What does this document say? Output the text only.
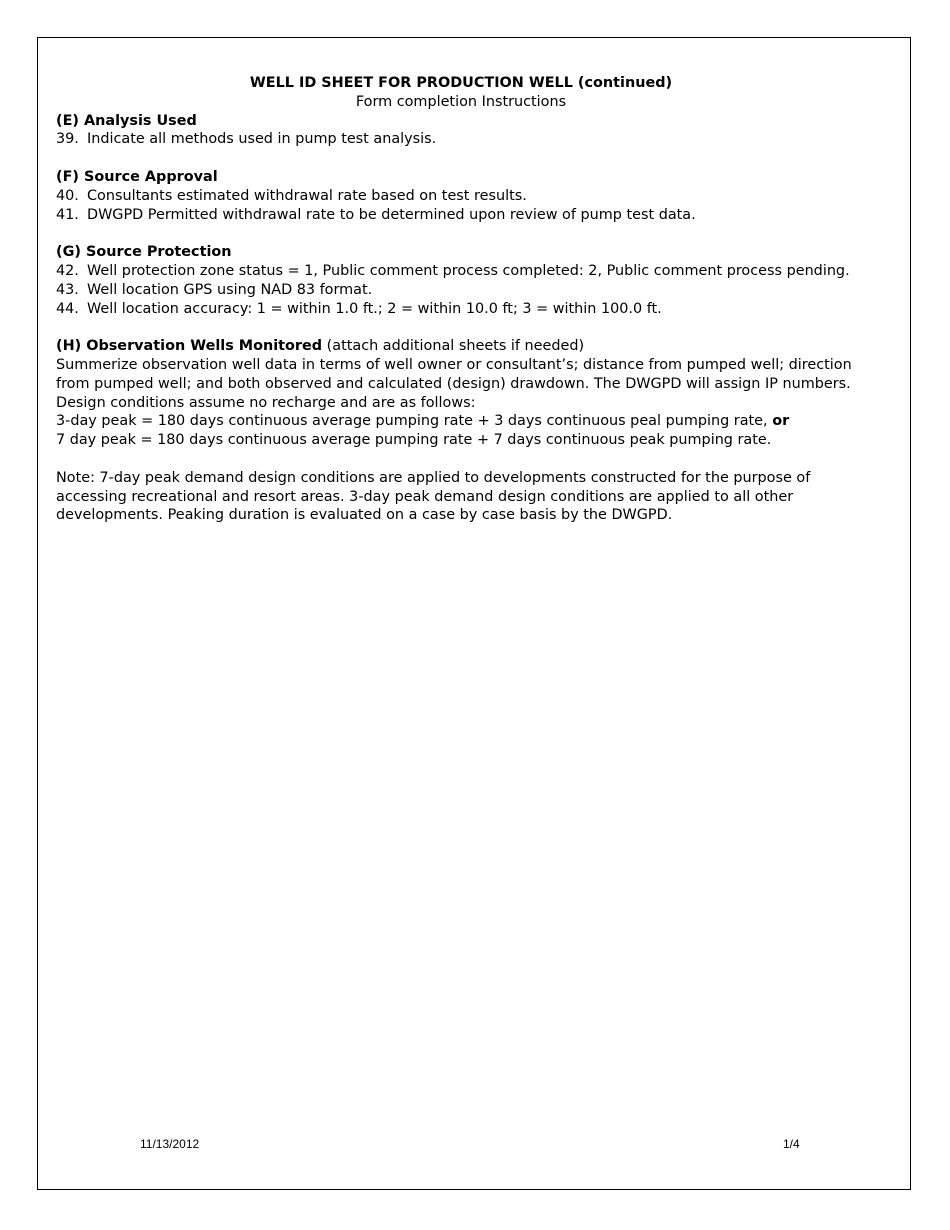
WELL ID SHEET FOR PRODUCTION WELL (continued)
Form completion Instructions
(E) Analysis Used
39. Indicate all methods used in pump test analysis.
(F) Source Approval
40. Consultants estimated withdrawal rate based on test results.
41. DWGPD Permitted withdrawal rate to be determined upon review of pump test data.
(G) Source Protection
42. Well protection zone status = 1, Public comment process completed: 2, Public comment process pending.
43. Well location GPS using NAD 83 format.
44. Well location accuracy: 1 = within 1.0 ft.; 2 = within 10.0 ft; 3 = within 100.0 ft.
(H) Observation Wells Monitored (attach additional sheets if needed)
Summerize observation well data in terms of well owner or consultant’s; distance from pumped well; direction from pumped well; and both observed and calculated (design) drawdown. The DWGPD will assign IP numbers. Design conditions assume no recharge and are as follows:
3-day peak = 180 days continuous average pumping rate + 3 days continuous peal pumping rate, or
7 day peak = 180 days continuous average pumping rate + 7 days continuous peak pumping rate.
Note: 7-day peak demand design conditions are applied to developments constructed for the purpose of accessing recreational and resort areas. 3-day peak demand design conditions are applied to all other developments. Peaking duration is evaluated on a case by case basis by the DWGPD.
11/13/2012	1/4
